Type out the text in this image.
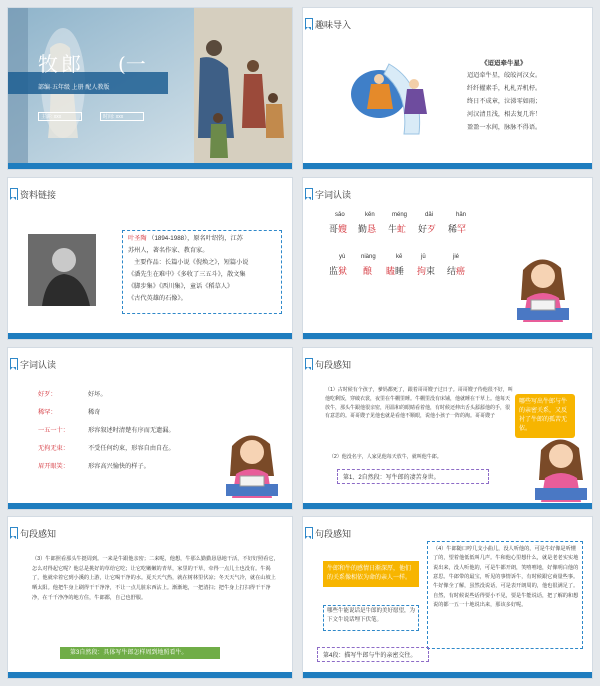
牧郎 (一
部编·五年级 上册 配人教版
主讲: xxx	时间: xxx
趣味导入
《迢迢牵牛星》
迢迢牵牛星，皎皎河汉女。
纤纤擢素手，札札弄机杼。
终日不成章，泣涕零如雨；
河汉清且浅，相去复几许！
盈盈一水间，脉脉不得语。
资料链接
叶圣陶 （1894-1988），原名叶绍钧，江苏
苏州人，著名作家、教育家。
主要作品：长篇小说《倪焕之》，短篇小说
《潘先生在难中》《多收了三五斗》，散文集
《脚步集》《西川集》，童话《稻草人》
《古代英雄的石像》。
字词认读
sǎo	kěn	méng	dǎi	hǎn
哥嫂 勤恳 牛虻 好歹 稀罕
yù	niàng	kē	jū	jié
监狱 酿 瞌睡 拘束 结癌
字词认读
好歹：	好坏。
稀罕：	稀奇
一五一十：	形容叙述时清楚有序而无遗漏。
无拘无束：	不受任何约束，形容自由自在。
眉开眼笑：	形容高兴愉快的样子。
句段感知
（1）古时候有个孩子，爹妈都死了，跟着哥哥嫂子过日子。哥哥嫂子待他很不好，叫他吃剩饭，穿破衣裳，夜里在牛棚里睡。牛棚里没有床铺，他就睡在干草上。他每天放牛，那头牛跟他很亲密，用温和的眼睛看着他，有时候还伸出舌头舔舔他的手，很有意思的。哥哥嫂子见他也就是看他不顺眼，说他小孩子一阵的淘。哥哥嫂子
（2）他没名字，人家见他每天放牛，就叫他牛郎。
第1、2自然段：写牛郎的凄苦身世。
哪些写出牛郎与牛的亲密关系，又反衬了牛郎的孤苦无依。
句段感知
（3）牛郎照看那头牛挺周到。一来是牛跟他亲密；二来呢，他想，牛那么勤勤恳恳地干活，不好好照看它，怎么对得起它呢？他总是挑好的草给它吃；让它吃嫩嫩的青草，家里的干草，牵得一点儿土也没有。牛渴了，他就牵着它到小溪的上游，让它喝干净的水。夏天天气热，就在树林里伏凉；冬天天气冷，就在山坡上晒太阳。他把牛身上刷得干干净净，不让一点儿脏东西沾上。渐渐地，一把清扫；把牛身上打扫得干干净净，在千千净净的地方住，牛郎都，自己也舒服。
第3自然段：具体写牛郎怎样周到地照看牛。
句段感知
牛郎和牛的感情日渐深厚，他们的关系像相依为命的亲人一样。
哪些牛能说话是牛郎的美好愿望，为下文牛说话埋下伏笔。
（4）牛郎随口哼几支小曲儿，没人听他的，可是牛好像是听懂了的，望着他低低叫几声。牛和他心里想什么，就是老老实实地说出来，没人听他的，可是牛都开朗，笑嘻嘻地，好像明白他的意思。牛郎带的最宝，听见的事情诉牛，有时候跟它商量些事。牛好像全了解，虽然没说话，可是表开朗周的，他也很满足了。自然，有时候说些话得要小不见，要是牛能说话，把了解的和想说的都一五一十地说出来，那该多好呢。
第4段：描写牛郎与牛的亲密交往。
